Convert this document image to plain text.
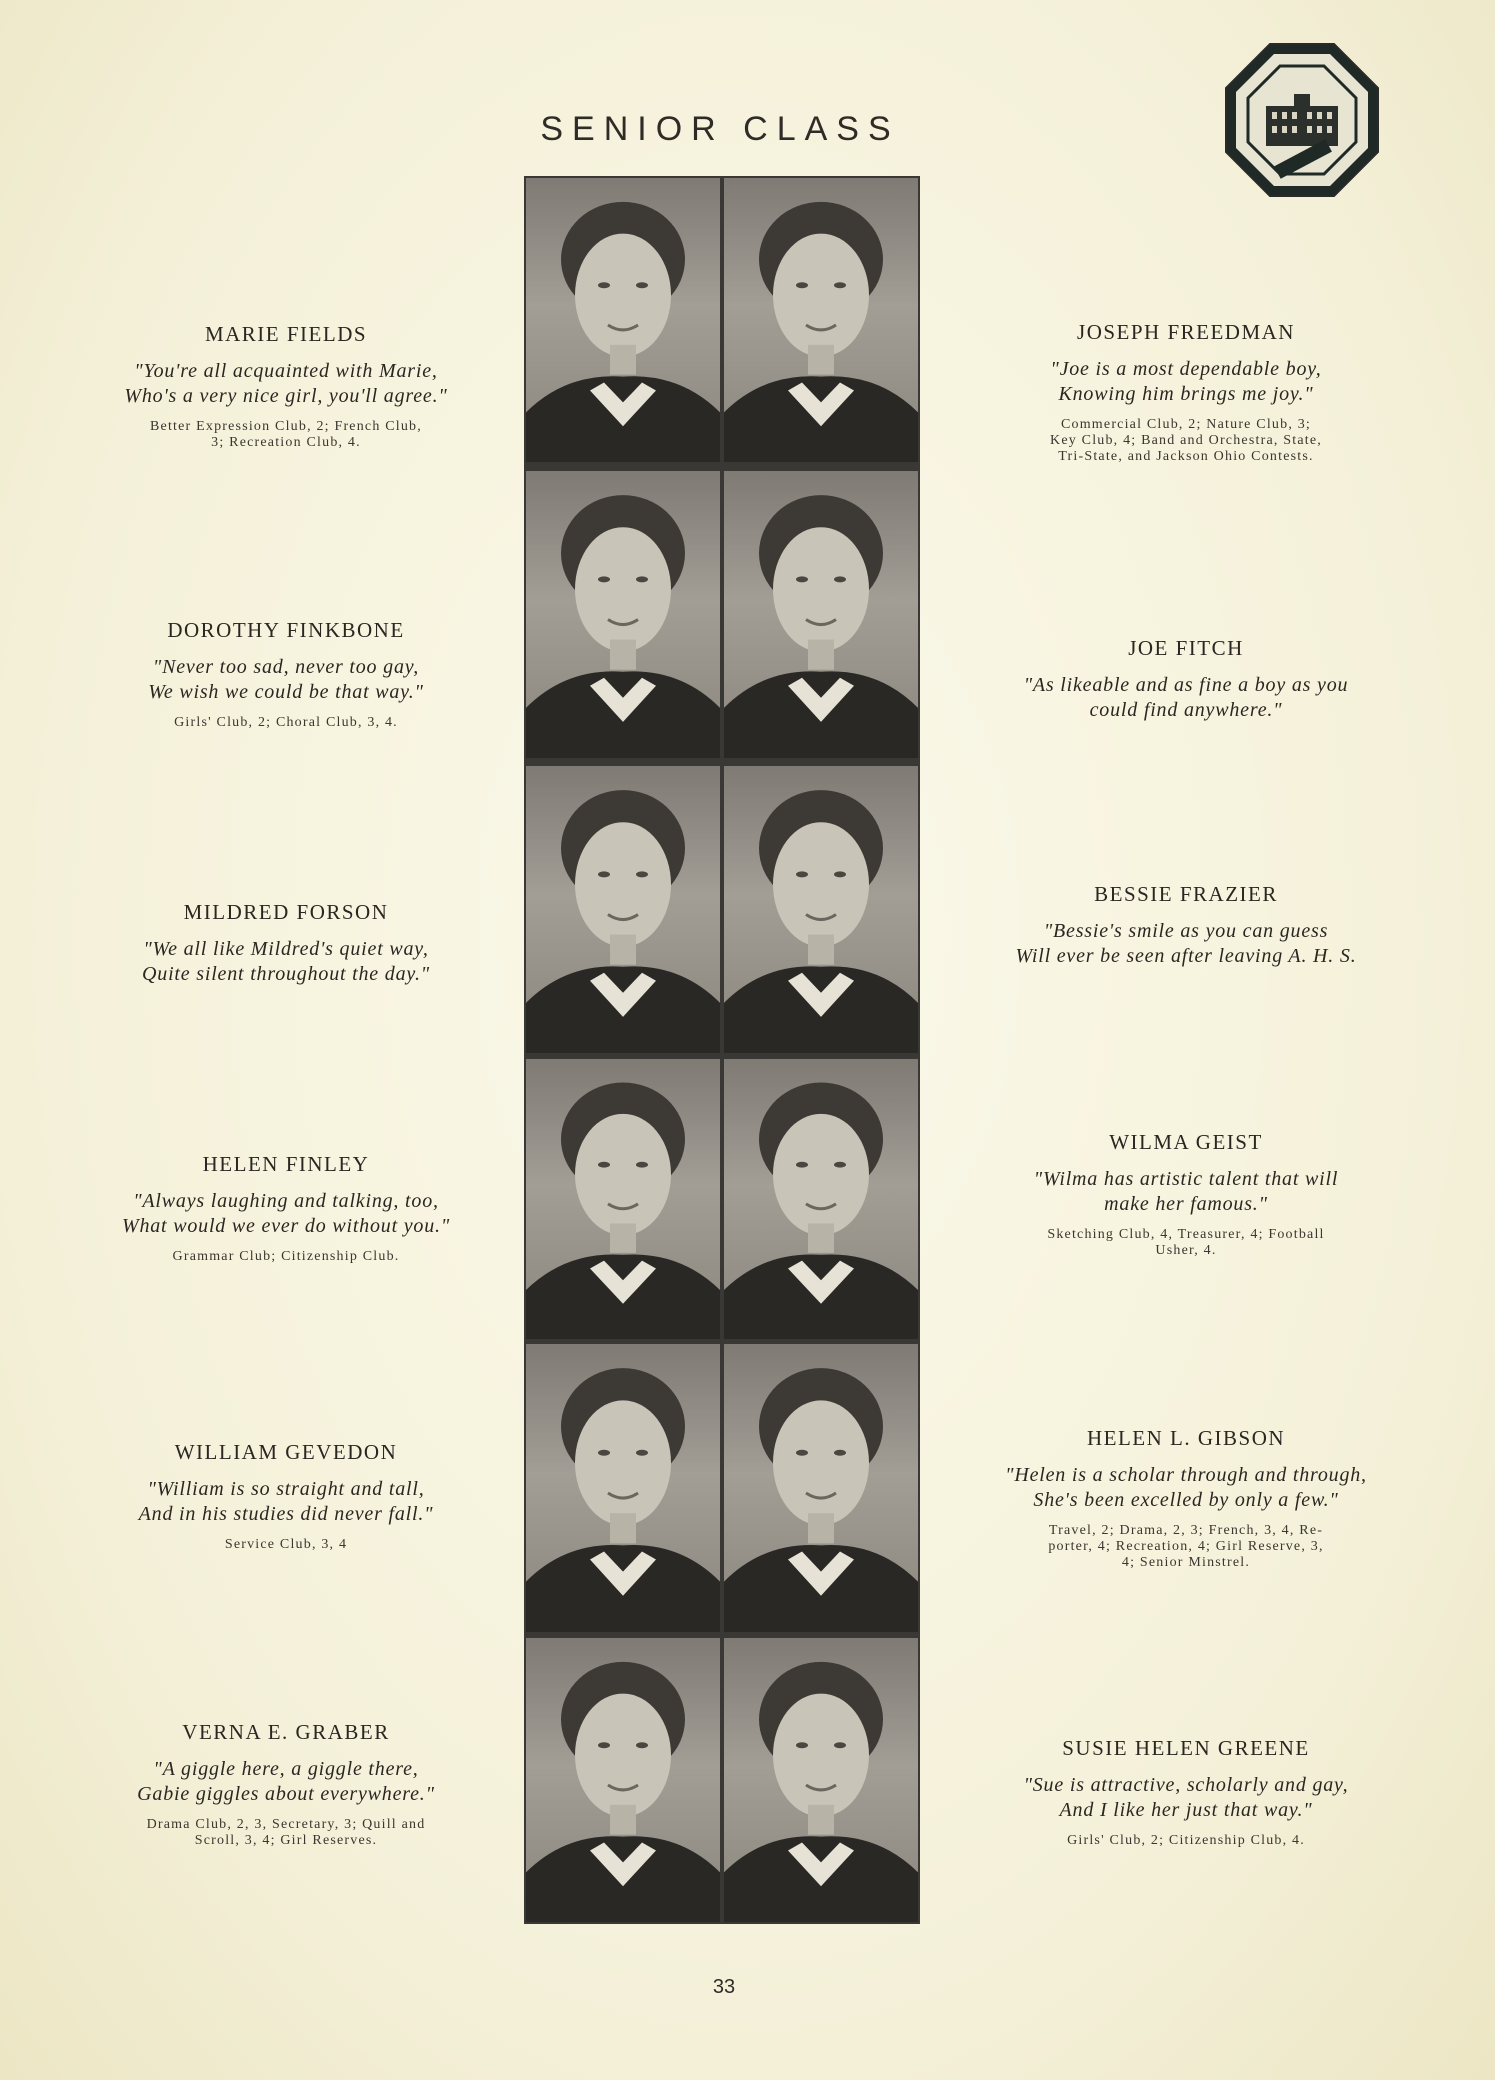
SENIOR CLASS
MARIE FIELDS
"You're all acquainted with Marie,
Who's a very nice girl, you'll agree."
Better Expression Club, 2; French Club,
3; Recreation Club, 4.
DOROTHY FINKBONE
"Never too sad, never too gay,
We wish we could be that way."
Girls' Club, 2; Choral Club, 3, 4.
MILDRED FORSON
"We all like Mildred's quiet way,
Quite silent throughout the day."
HELEN FINLEY
"Always laughing and talking, too,
What would we ever do without you."
Grammar Club; Citizenship Club.
WILLIAM GEVEDON
"William is so straight and tall,
And in his studies did never fall."
Service Club, 3, 4
VERNA E. GRABER
"A giggle here, a giggle there,
Gabie giggles about everywhere."
Drama Club, 2, 3, Secretary, 3; Quill and
Scroll, 3, 4; Girl Reserves.
JOSEPH FREEDMAN
"Joe is a most dependable boy,
Knowing him brings me joy."
Commercial Club, 2; Nature Club, 3;
Key Club, 4; Band and Orchestra, State,
Tri-State, and Jackson Ohio Contests.
JOE FITCH
"As likeable and as fine a boy as you
could find anywhere."
BESSIE FRAZIER
"Bessie's smile as you can guess
Will ever be seen after leaving A. H. S.
WILMA GEIST
"Wilma has artistic talent that will
make her famous."
Sketching Club, 4, Treasurer, 4; Football
Usher, 4.
HELEN L. GIBSON
"Helen is a scholar through and through,
She's been excelled by only a few."
Travel, 2; Drama, 2, 3; French, 3, 4, Re-
porter, 4; Recreation, 4; Girl Reserve, 3,
4; Senior Minstrel.
SUSIE HELEN GREENE
"Sue is attractive, scholarly and gay,
And I like her just that way."
Girls' Club, 2; Citizenship Club, 4.
33
